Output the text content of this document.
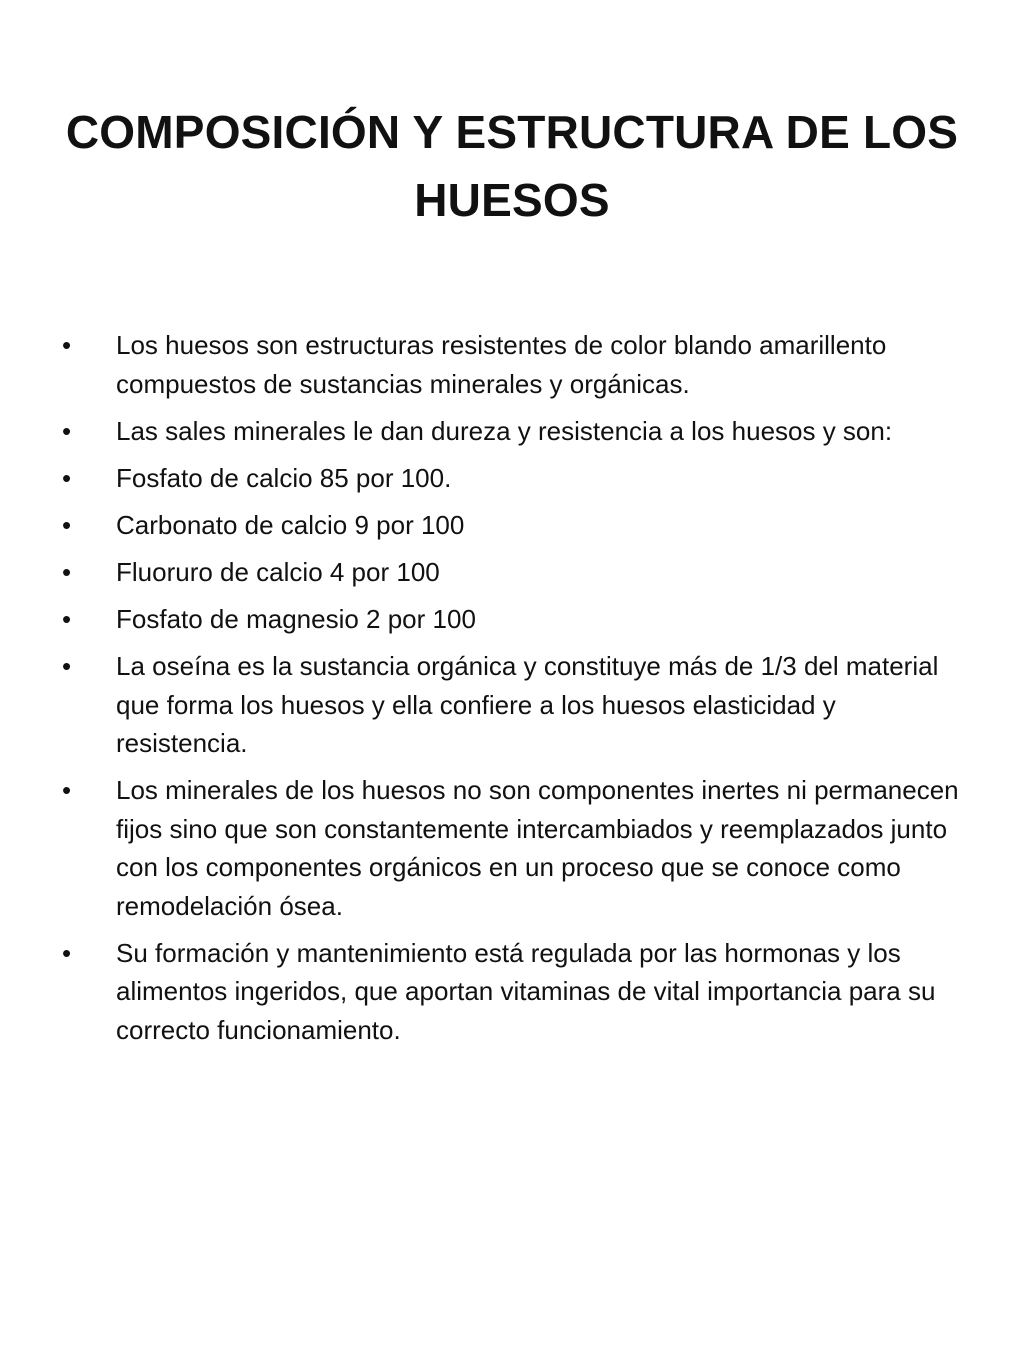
COMPOSICIÓN Y ESTRUCTURA DE LOS HUESOS
• Los huesos son estructuras resistentes de color blando amarillento compuestos de sustancias minerales y orgánicas.
• Las sales minerales le dan dureza y resistencia a los huesos y son:
• Fosfato de calcio 85 por 100.
• Carbonato de calcio 9 por 100
• Fluoruro de calcio 4 por 100
• Fosfato de magnesio 2 por 100
• La oseína es la sustancia orgánica y constituye más de 1/3 del material que forma los huesos y ella confiere a los huesos elasticidad y resistencia.
• Los minerales de los huesos no son componentes inertes ni permanecen fijos sino que son constantemente intercambiados y reemplazados junto con los componentes orgánicos en un proceso que se conoce como remodelación ósea.
• Su formación y mantenimiento está regulada por las hormonas y los alimentos ingeridos, que aportan vitaminas de vital importancia para su correcto funcionamiento.
